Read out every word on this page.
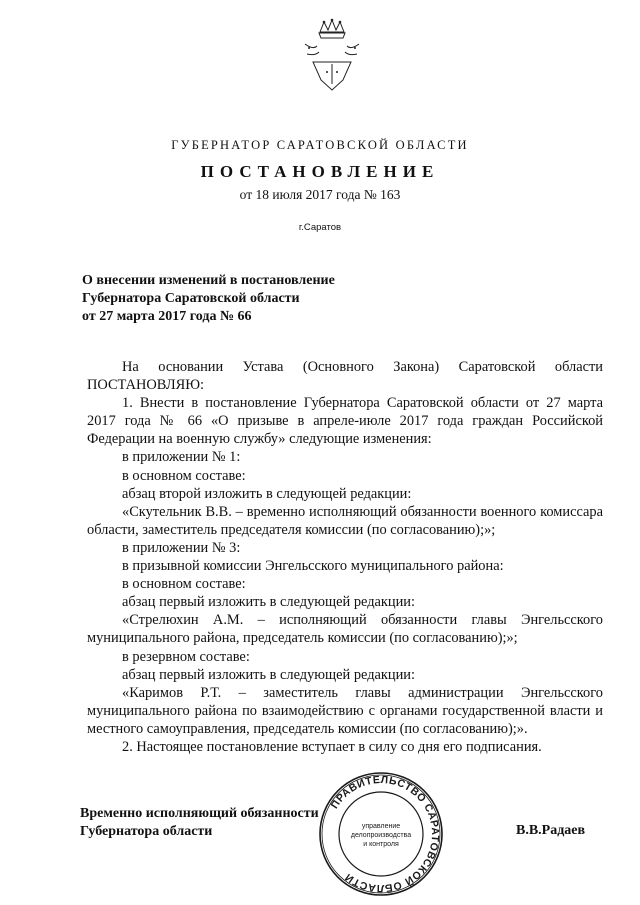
ГУБЕРНАТОР САРАТОВСКОЙ ОБЛАСТИ
ПОСТАНОВЛЕНИЕ
от 18 июля 2017 года № 163
г.Саратов
О внесении изменений в постановление
Губернатора Саратовской области
от 27 марта 2017 года № 66
На основании Устава (Основного Закона) Саратовской области ПОСТАНОВЛЯЮ:
1. Внести в постановление Губернатора Саратовской области от 27 марта 2017 года № 66 «О призыве в апреле-июле 2017 года граждан Российской Федерации на военную службу» следующие изменения:
в приложении № 1:
в основном составе:
абзац второй изложить в следующей редакции:
«Скутельник В.В. – временно исполняющий обязанности военного комиссара области, заместитель председателя комиссии (по согласованию);»;
в приложении № 3:
в призывной комиссии Энгельсского муниципального района:
в основном составе:
абзац первый изложить в следующей редакции:
«Стрелюхин А.М. – исполняющий обязанности главы Энгельсского муниципального района, председатель комиссии (по согласованию);»;
в резервном составе:
абзац первый изложить в следующей редакции:
«Каримов Р.Т. – заместитель главы администрации Энгельсского муниципального района по взаимодействию с органами государственной власти и местного самоуправления, председатель комиссии (по согласованию);».
2. Настоящее постановление вступает в силу со дня его подписания.
ПРАВИТЕЛЬСТВО САРАТОВСКОЙ ОБЛАСТИ
управление
делопроизводства
и контроля
Временно исполняющий обязанности
Губернатора области	В.В.Радаев
